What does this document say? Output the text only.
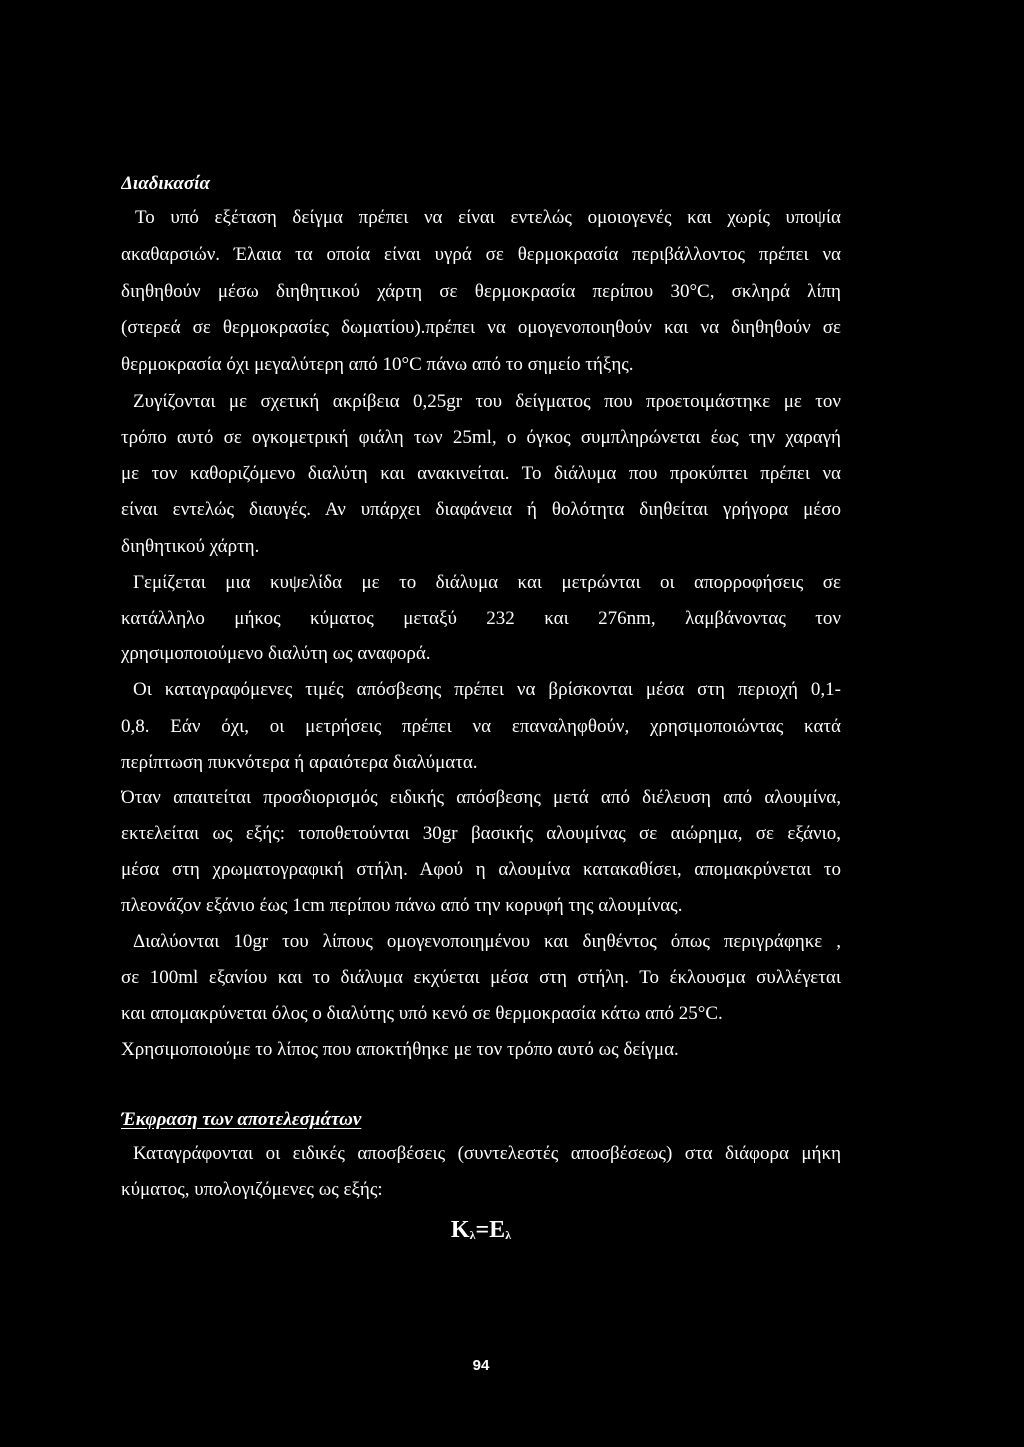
Διαδικασία
Το υπό εξέταση δείγμα πρέπει να είναι εντελώς ομοιογενές και χωρίς υποψία
ακαθαρσιών. Έλαια τα οποία είναι υγρά σε θερμοκρασία περιβάλλοντος πρέπει να
διηθηθούν μέσω διηθητικού χάρτη σε θερμοκρασία περίπου 30°C, σκληρά λίπη
(στερεά σε θερμοκρασίες δωματίου).πρέπει να ομογενοποιηθούν και να διηθηθούν σε
θερμοκρασία όχι μεγαλύτερη από 10°C πάνω από το σημείο τήξης.
Ζυγίζονται με σχετική ακρίβεια 0,25gr του δείγματος που προετοιμάστηκε με τον
τρόπο αυτό σε ογκομετρική φιάλη των 25ml, ο όγκος συμπληρώνεται έως την χαραγή
με τον καθοριζόμενο διαλύτη και ανακινείται. Το διάλυμα που προκύπτει πρέπει να
είναι εντελώς διαυγές. Αν υπάρχει διαφάνεια ή θολότητα διηθείται γρήγορα μέσο
διηθητικού χάρτη.
Γεμίζεται μια κυψελίδα με το διάλυμα και μετρώνται οι απορροφήσεις σε
κατάλληλο μήκος κύματος μεταξύ 232 και 276nm, λαμβάνοντας τον
χρησιμοποιούμενο διαλύτη ως αναφορά.
Οι καταγραφόμενες τιμές απόσβεσης πρέπει να βρίσκονται μέσα στη περιοχή 0,1-
0,8. Εάν όχι, οι μετρήσεις πρέπει να επαναληφθούν, χρησιμοποιώντας κατά
περίπτωση πυκνότερα ή αραιότερα διαλύματα.
Όταν απαιτείται προσδιορισμός ειδικής απόσβεσης μετά από διέλευση από αλουμίνα,
εκτελείται ως εξής: τοποθετούνται 30gr βασικής αλουμίνας σε αιώρημα, σε εξάνιο,
μέσα στη χρωματογραφική στήλη. Αφού η αλουμίνα κατακαθίσει, απομακρύνεται το
πλεονάζον εξάνιο έως 1cm περίπου πάνω από την κορυφή της αλουμίνας.
Διαλύονται 10gr του λίπους ομογενοποιημένου και διηθέντος όπως περιγράφηκε ,
σε 100ml εξανίου και το διάλυμα εκχύεται μέσα στη στήλη. Το έκλουσμα συλλέγεται
και απομακρύνεται όλος ο διαλύτης υπό κενό σε θερμοκρασία κάτω από 25°C.
Χρησιμοποιούμε το λίπος που αποκτήθηκε με τον τρόπο αυτό ως δείγμα.
Έκφραση των αποτελεσμάτων
Καταγράφονται οι ειδικές αποσβέσεις (συντελεστές αποσβέσεως) στα διάφορα μήκη
κύματος, υπολογιζόμενες ως εξής:
$K_\lambda=E_\lambda$
94
